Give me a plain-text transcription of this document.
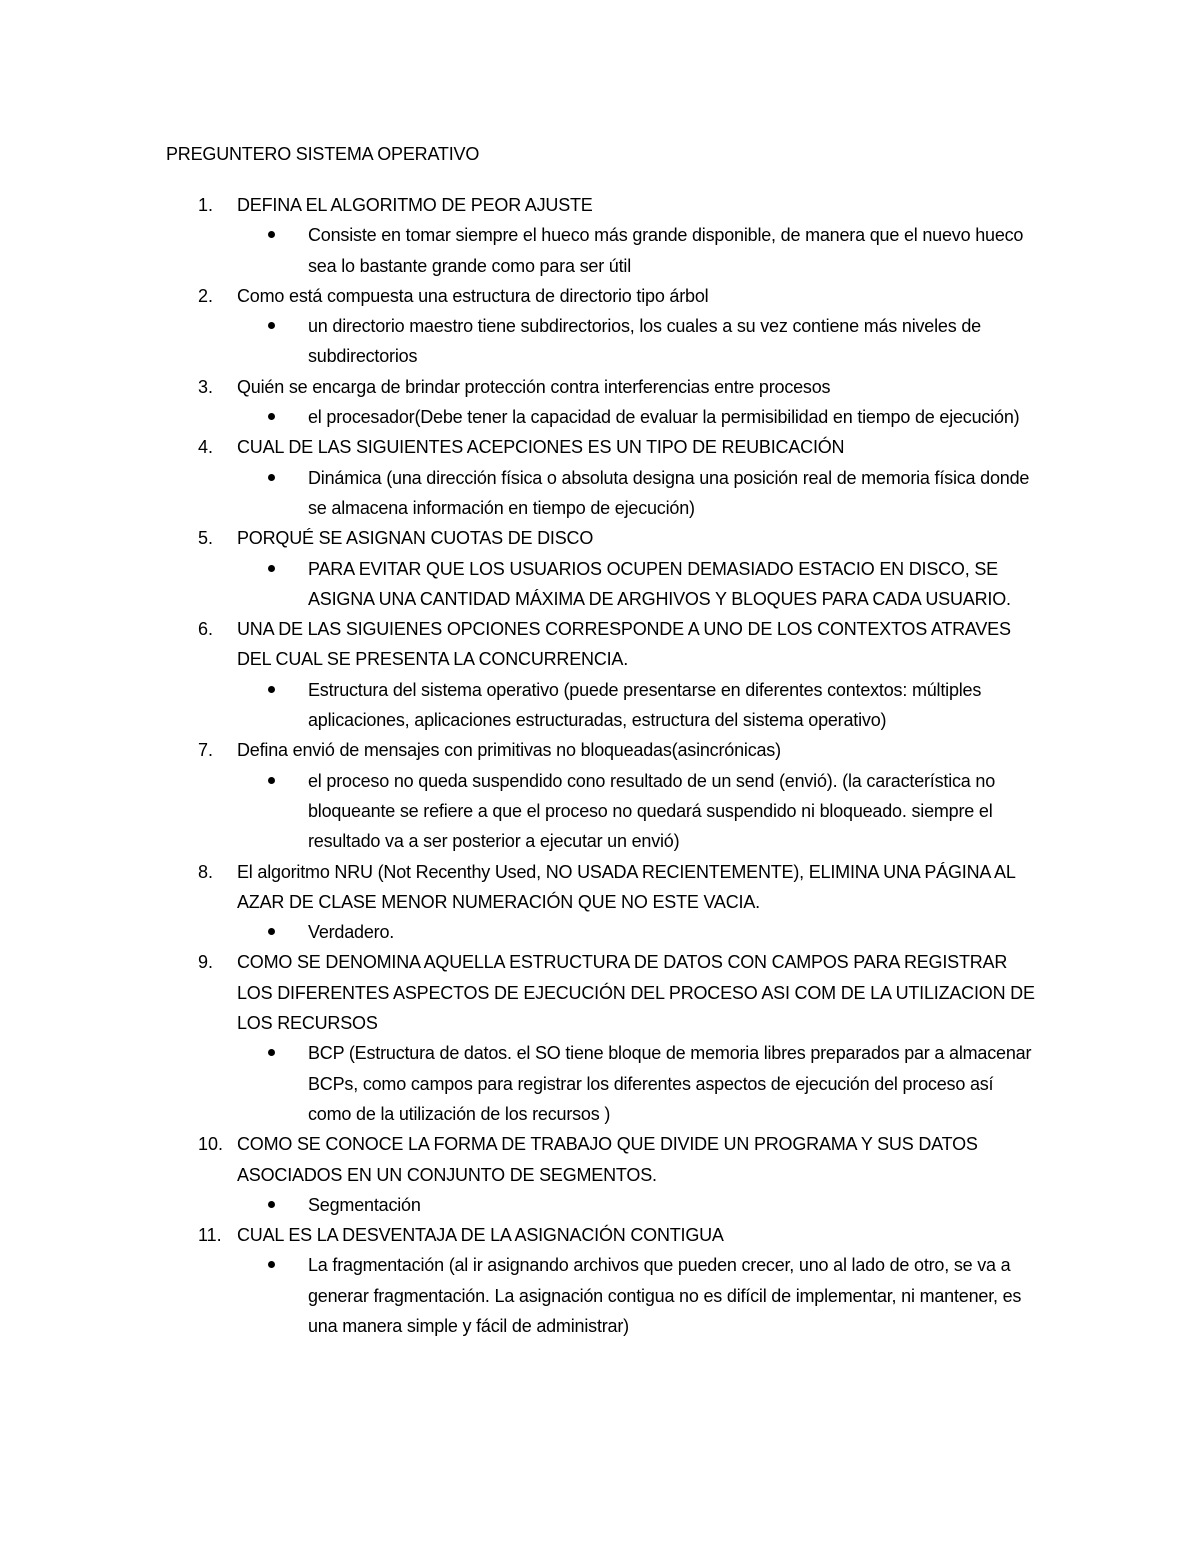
PREGUNTERO SISTEMA OPERATIVO
1.	DEFINA EL ALGORITMO DE PEOR AJUSTE
Consiste en tomar siempre el hueco más grande disponible, de manera que el nuevo hueco sea lo bastante grande como para ser útil
2.	Como está compuesta una estructura de directorio tipo árbol
un directorio maestro tiene subdirectorios, los cuales a su vez contiene más niveles de subdirectorios
3.	Quién se encarga de brindar protección contra interferencias entre procesos
el procesador(Debe tener la capacidad de evaluar la permisibilidad en tiempo de ejecución)
4.	CUAL DE LAS SIGUIENTES ACEPCIONES ES UN TIPO DE REUBICACIÓN
Dinámica (una dirección física o absoluta designa una posición real de memoria física donde se almacena información en tiempo de ejecución)
5.	PORQUÉ SE ASIGNAN CUOTAS DE DISCO
PARA EVITAR QUE LOS USUARIOS OCUPEN DEMASIADO ESTACIO EN DISCO, SE ASIGNA UNA CANTIDAD MÁXIMA DE ARGHIVOS Y BLOQUES PARA CADA USUARIO.
6.	UNA DE LAS SIGUIENES OPCIONES CORRESPONDE A UNO DE LOS CONTEXTOS ATRAVES DEL CUAL SE PRESENTA LA CONCURRENCIA.
Estructura del sistema operativo (puede presentarse en diferentes contextos: múltiples aplicaciones, aplicaciones estructuradas, estructura del sistema operativo)
7.	Defina envió de mensajes con primitivas no bloqueadas(asincrónicas)
el proceso no queda suspendido cono resultado de un send (envió). (la característica no bloqueante se refiere a que el proceso no quedará suspendido ni bloqueado. siempre el resultado va a ser posterior a ejecutar un envió)
8.	El algoritmo NRU (Not Recenthy Used, NO USADA RECIENTEMENTE), ELIMINA UNA PÁGINA AL AZAR DE CLASE MENOR NUMERACIÓN QUE NO ESTE VACIA.
Verdadero.
9.	COMO SE DENOMINA AQUELLA ESTRUCTURA DE DATOS CON CAMPOS PARA REGISTRAR LOS DIFERENTES ASPECTOS DE EJECUCIÓN DEL PROCESO ASI COM DE LA UTILIZACION DE LOS RECURSOS
BCP (Estructura de datos. el SO tiene bloque de memoria libres preparados par a almacenar BCPs, como campos para registrar los diferentes aspectos de ejecución del proceso así como de la utilización de los recursos )
10. COMO SE CONOCE LA FORMA DE TRABAJO QUE DIVIDE UN PROGRAMA Y SUS DATOS ASOCIADOS EN UN CONJUNTO DE SEGMENTOS.
Segmentación
11. CUAL ES LA DESVENTAJA DE LA ASIGNACIÓN CONTIGUA
La fragmentación (al ir asignando archivos que pueden crecer, uno al lado de otro, se va a generar fragmentación. La asignación contigua no es difícil de implementar, ni mantener, es una manera simple y fácil de administrar)
